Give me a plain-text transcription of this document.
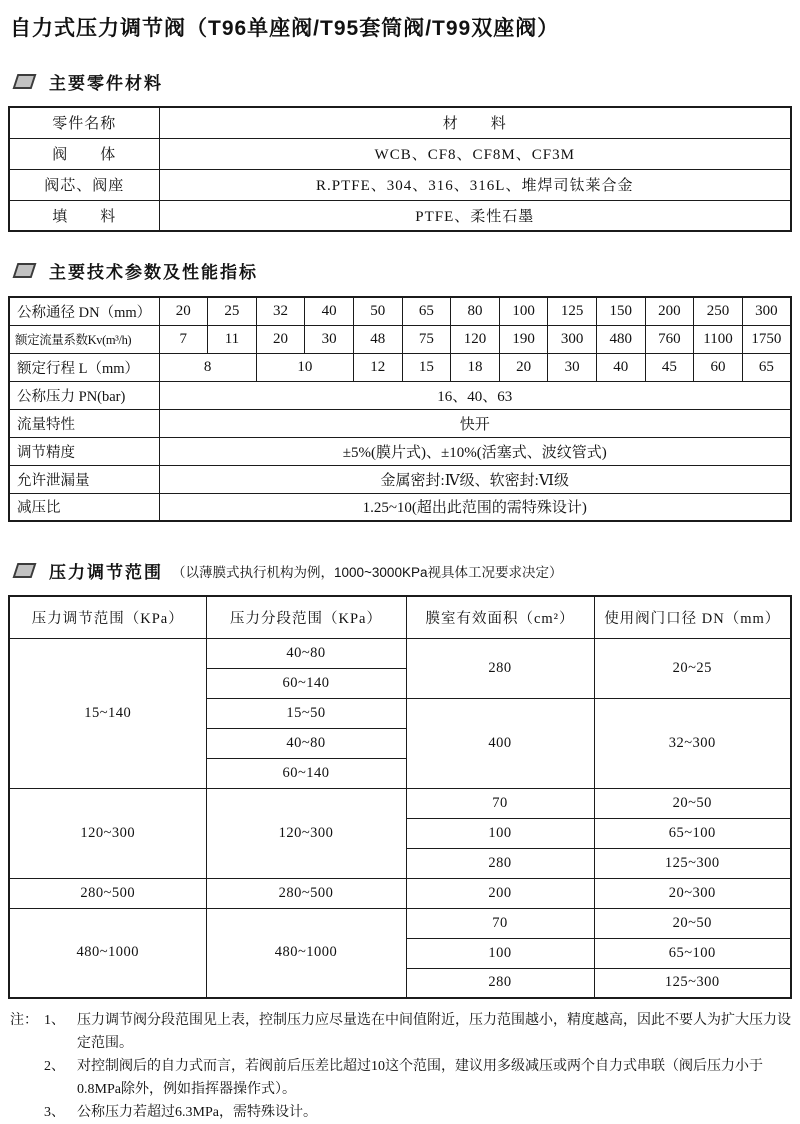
自力式压力调节阀（T96单座阀/T95套筒阀/T99双座阀）
主要零件材料
零件名称	材　　料
阀　　体	WCB、CF8、CF8M、CF3M
阀芯、阀座	R.PTFE、304、316、316L、堆焊司钛莱合金
填　　料	PTFE、柔性石墨
主要技术参数及性能指标
公称通径 DN（mm）	20	25	32	40	50	65	80	100	125	150	200	250	300
额定流量系数Kv(m³/h)	7	11	20	30	48	75	120	190	300	480	760	1100	1750
额定行程 L（mm）	8		10		12	15	18	20	30	40	45	60	65
公称压力 PN(bar)	16、40、63												
流量特性	快开												
调节精度	±5%(膜片式)、±10%(活塞式、波纹管式)												
允许泄漏量	金属密封:Ⅳ级、软密封:Ⅵ级												
减压比	1.25~10(超出此范围的需特殊设计)												
压力调节范围 （以薄膜式执行机构为例，1000~3000KPa视具体工况要求决定）
压力调节范围（KPa）	压力分段范围（KPa）	膜室有效面积（cm²）	使用阀门口径 DN（mm）
15~140	40~80	280	20~25
	60~140		
	15~50	400	32~300
	40~80		
	60~140		
120~300	120~300	70	20~50
		100	65~100
		280	125~300
280~500	280~500	200	20~300
480~1000	480~1000	70	20~50
		100	65~100
		280	125~300
注： 1、 压力调节阀分段范围见上表，控制压力应尽量选在中间值附近，压力范围越小，精度越高，因此不要人为扩大压力设定范围。
2、 对控制阀后的自力式而言，若阀前后压差比超过10这个范围，建议用多级减压或两个自力式串联（阀后压力小于0.8MPa除外，例如指挥器操作式）。
3、 公称压力若超过6.3MPa，需特殊设计。
